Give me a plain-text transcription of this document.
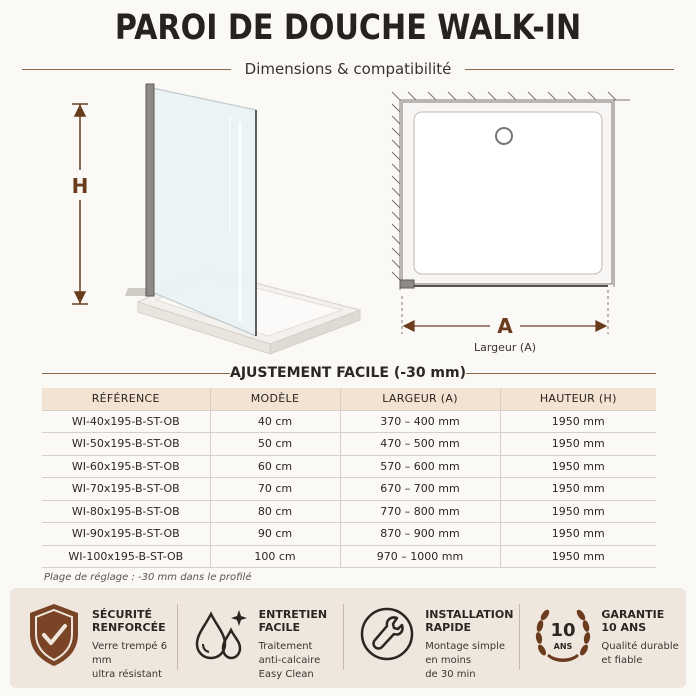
PAROI DE DOUCHE WALK-IN
Dimensions & compatibilité
H
A
Largeur (A)
AJUSTEMENT FACILE (-30 mm)
RÉFÉRENCE	MODÈLE	LARGEUR (A)	HAUTEUR (H)
WI-40x195-B-ST-OB	40 cm	370 – 400 mm	1950 mm
WI-50x195-B-ST-OB	50 cm	470 – 500 mm	1950 mm
WI-60x195-B-ST-OB	60 cm	570 – 600 mm	1950 mm
WI-70x195-B-ST-OB	70 cm	670 – 700 mm	1950 mm
WI-80x195-B-ST-OB	80 cm	770 – 800 mm	1950 mm
WI-90x195-B-ST-OB	90 cm	870 – 900 mm	1950 mm
WI-100x195-B-ST-OB	100 cm	970 – 1000 mm	1950 mm
Plage de réglage : -30 mm dans le profilé
SÉCURITÉ
RENFORCÉE
Verre trempé 6 mm
ultra résistant
ENTRETIEN FACILE
Traitement
anti-calcaire
Easy Clean
INSTALLATION RAPIDE
Montage simple
en moins
de 30 min
10
ANS
GARANTIE
10 ANS
Qualité durable
et fiable
